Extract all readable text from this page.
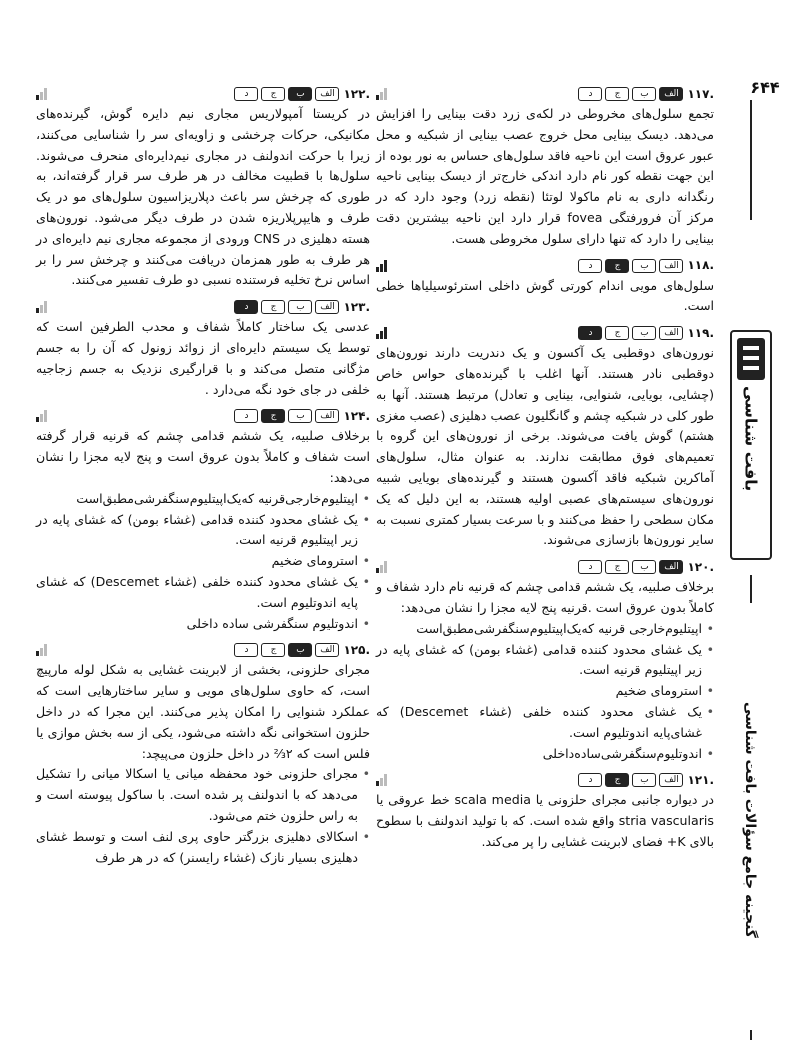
۶۴۴
بافت شناسی
گنجینه جامع سؤالات بافت شناسی
۱۱۷.
الف
ب
ج
د

تجمع سلول‌های مخروطی در لکه‌ی زرد دقت بینایی را افزایش می‌دهد. دیسک بینایی محل خروج عصب بینایی از شبکیه و محل عبور عروق است این ناحیه فاقد سلول‌های حساس به نور بوده از این جهت نقطه کور نام دارد اندکی خارج‌تر از دیسک بینایی ناحیه رنگدانه داری به نام ماکولا لوتئا (نقطه زرد) وجود دارد که در مرکز آن فرورفتگی fovea قرار دارد این ناحیه بیشترین دقت بینایی را دارد که تنها دارای سلول مخروطی هست.

۱۱۸.
الف
ب
ج
د

سلول‌های مویی اندام کورتی گوش داخلی استرئوسیلیاها خطی است.

۱۱۹.
الف
ب
ج
د

نورون‌های دوقطبی یک آکسون و یک دندریت دارند نورون‌های دوقطبی نادر هستند. آنها اغلب با گیرنده‌های حواس خاص (چشایی، بویایی، شنوایی، بینایی و تعادل) مرتبط هستند. آنها به طور کلی در شبکیه چشم و گانگلیون عصب دهلیزی (عصب مغزی هشتم) گوش یافت می‌شوند. برخی از نورون‌های این گروه با تعمیم‌های فوق مطابقت ندارند. به عنوان مثال، سلول‌های آماکرین شبکیه فاقد آکسون هستند و گیرنده‌های بویایی شبیه نورون‌های سیستم‌های عصبی اولیه هستند، به این دلیل که یک مکان سطحی را حفظ می‌کنند و با سرعت بسیار کمتری نسبت به سایر نورون‌ها بازسازی می‌شوند.

۱۲۰.
الف
ب
ج
د

برخلاف صلبیه، یک ششم قدامی چشم که قرنیه نام دارد شفاف و کاملاً بدون عروق است .قرنیه پنج لایه مجزا را نشان می‌دهد:

• اپیتلیوم‌خارجی قرنیه که‌یک‌اپیتلیوم‌سنگفرشی‌مطبق‌است
• یک غشای محدود کننده قدامی (غشاء بومن) که غشای پایه در زیر اپیتلیوم قرنیه است.
• استرومای ضخیم
• یک غشای محدود کننده خلفی (غشاء Descemet) که غشای‌پایه اندوتلیوم است.
• اندوتلیوم‌سنگفرشی‌ساده‌داخلی
۱۲۱.
الف
ب
ج
د

در دیواره جانبی مجرای حلزونی یا scala media خط عروقی یا stria vascularis واقع شده است. که با تولید اندولنف با سطوح بالای K+ فضای لابرینت غشایی را پر می‌کند.

۱۲۲.
الف
ب
ج
د

در کریستا آمپولاریس مجاری نیم دایره گوش، گیرنده‌های مکانیکی، حرکات چرخشی و زاویه‌ای سر را شناسایی می‌کنند، زیرا با حرکت اندولنف در مجاری نیم‌دایره‌ای منحرف می‌شوند. سلول‌ها با قطبیت مخالف در هر طرف سر قرار گرفته‌اند، به طوری که چرخش سر باعث دپلاریزاسیون سلول‌های مو در یک طرف و هایپرپلاریزه شدن در طرف دیگر می‌شود. نورون‌های هسته دهلیزی در CNS ورودی از مجموعه مجاری نیم دایره‌ای در هر طرف به طور همزمان دریافت می‌کنند و چرخش سر را بر اساس نرخ تخلیه فرستنده نسبی دو طرف تفسیر می‌کنند.

۱۲۳.
الف
ب
ج
د

عدسی یک ساختار کاملاً شفاف و محدب الطرفین است که توسط یک سیستم دایره‌ای از زوائد زونول که آن را به جسم مژگانی متصل می‌کند و با قرارگیری نزدیک به جسم زجاجیه خلفی در جای خود نگه می‌دارد .

۱۲۴.
الف
ب
ج
د

برخلاف صلبیه، یک ششم قدامی چشم که قرنیه قرار گرفته است شفاف و کاملاً بدون عروق است و پنج لایه مجزا را نشان می‌دهد:

• اپیتلیوم‌خارجی‌قرنیه که‌یک‌اپیتلیوم‌سنگفرشی‌مطبق‌است
• یک غشای محدود کننده قدامی (غشاء بومن) که غشای پایه در زیر اپیتلیوم قرنیه است.
• استرومای ضخیم
• یک غشای محدود کننده خلفی (غشاء Descemet) که غشای پایه اندوتلیوم است.
• اندوتلیوم سنگفرشی ساده داخلی
۱۲۵.
الف
ب
ج
د

مجرای حلزونی، بخشی از لابرینت غشایی به شکل لوله مارپیچ است، که حاوی سلول‌های مویی و سایر ساختارهایی است که عملکرد شنوایی را امکان پذیر می‌کنند. این مجرا که در داخل حلزون استخوانی نگه داشته می‌شود، یکی از سه بخش موازی یا فلس است که ۲⅔ در داخل حلزون می‌پیچد:

• مجرای حلزونی خود محفظه میانی یا اسکالا میانی را تشکیل می‌دهد که با اندولنف پر شده است. با ساکول پیوسته است و به راس حلزون ختم می‌شود.
• اسکالای دهلیزی بزرگتر حاوی پری لنف است و توسط غشای دهلیزی بسیار نازک (غشاء رایسنر) که در هر طرف
